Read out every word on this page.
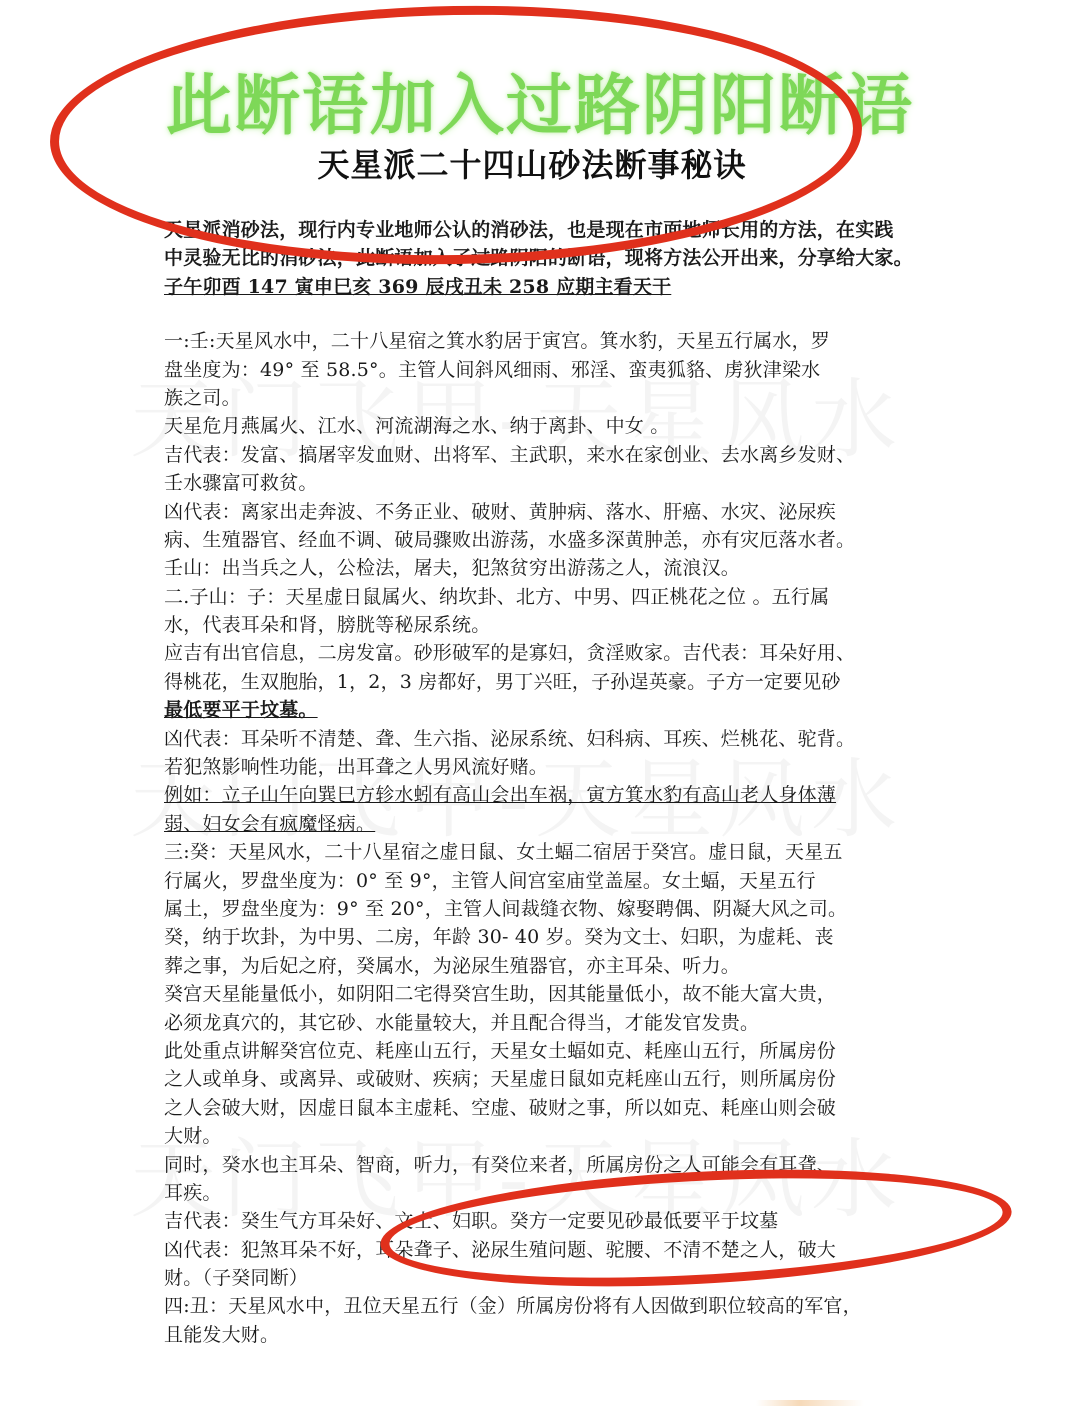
此断语加入过路阴阳断语
天星派二十四山砂法断事秘诀
天星派消砂法，现行内专业地师公认的消砂法，也是现在市面地师长用的方法，在实践
中灵验无比的消砂法，此断语加入了过路阴阳的断语，现将方法公开出来，分享给大家。
子午卯酉 147 寅申巳亥 369 辰戌丑未 258 应期主看天干
一:壬:天星风水中，二十八星宿之箕水豹居于寅宫。箕水豹，天星五行属水，罗
盘坐度为：49° 至 58.5°。主管人间斜风细雨、邪淫、蛮夷狐貉、虏狄津梁水
族之司。
天星危月燕属火、江水、河流湖海之水、纳于离卦、中女 。
吉代表：发富、搞屠宰发血财、出将军、主武职，来水在家创业、去水离乡发财、
壬水骤富可救贫。
凶代表：离家出走奔波、不务正业、破财、黄肿病、落水、肝癌、水灾、泌尿疾
病、生殖器官、经血不调、破局骤败出游荡，水盛多深黄肿恙，亦有灾厄落水者。
壬山：出当兵之人，公检法，屠夫，犯煞贫穷出游荡之人，流浪汉。
二.子山：子：天星虚日鼠属火、纳坎卦、北方、中男、四正桃花之位 。五行属
水，代表耳朵和肾，膀胱等秘尿系统。
应吉有出官信息，二房发富。砂形破军的是寡妇，贪淫败家。吉代表：耳朵好用、
得桃花，生双胞胎，1，2，3 房都好，男丁兴旺，子孙逞英豪。子方一定要见砂
最低要平于坟墓。
凶代表：耳朵听不清楚、聋、生六指、泌尿系统、妇科病、耳疾、烂桃花、驼背。
若犯煞影响性功能，出耳聋之人男风流好赌。
例如：立子山午向巽巳方轸水蚓有高山会出车祸，寅方箕水豹有高山老人身体薄
弱、妇女会有疯魔怪病。
三:癸：天星风水，二十八星宿之虚日鼠、女土蝠二宿居于癸宫。虚日鼠，天星五
行属火，罗盘坐度为：0° 至 9°，主管人间宫室庙堂盖屋。女土蝠，天星五行
属土，罗盘坐度为：9° 至 20°，主管人间裁缝衣物、嫁娶聘偶、阴凝大风之司。
癸，纳于坎卦，为中男、二房，年龄 30- 40 岁。癸为文士、妇职，为虚耗、丧
葬之事，为后妃之府，癸属水，为泌尿生殖器官，亦主耳朵、听力。
癸宫天星能量低小，如阴阳二宅得癸宫生助，因其能量低小，故不能大富大贵，
必须龙真穴的，其它砂、水能量较大，并且配合得当，才能发官发贵。
此处重点讲解癸宫位克、耗座山五行，天星女土蝠如克、耗座山五行，所属房份
之人或单身、或离异、或破财、疾病；天星虚日鼠如克耗座山五行，则所属房份
之人会破大财，因虚日鼠本主虚耗、空虚、破财之事，所以如克、耗座山则会破
大财。
同时，癸水也主耳朵、智商，听力，有癸位来者，所属房份之人可能会有耳聋、
耳疾。
吉代表：癸生气方耳朵好、文士、妇职。癸方一定要见砂最低要平于坟墓
凶代表：犯煞耳朵不好，耳朵聋子、泌尿生殖问题、驼腰、不清不楚之人，破大
财。（子癸同断）
四:丑：天星风水中，丑位天星五行（金）所属房份将有人因做到职位较高的军官，
且能发大财。
